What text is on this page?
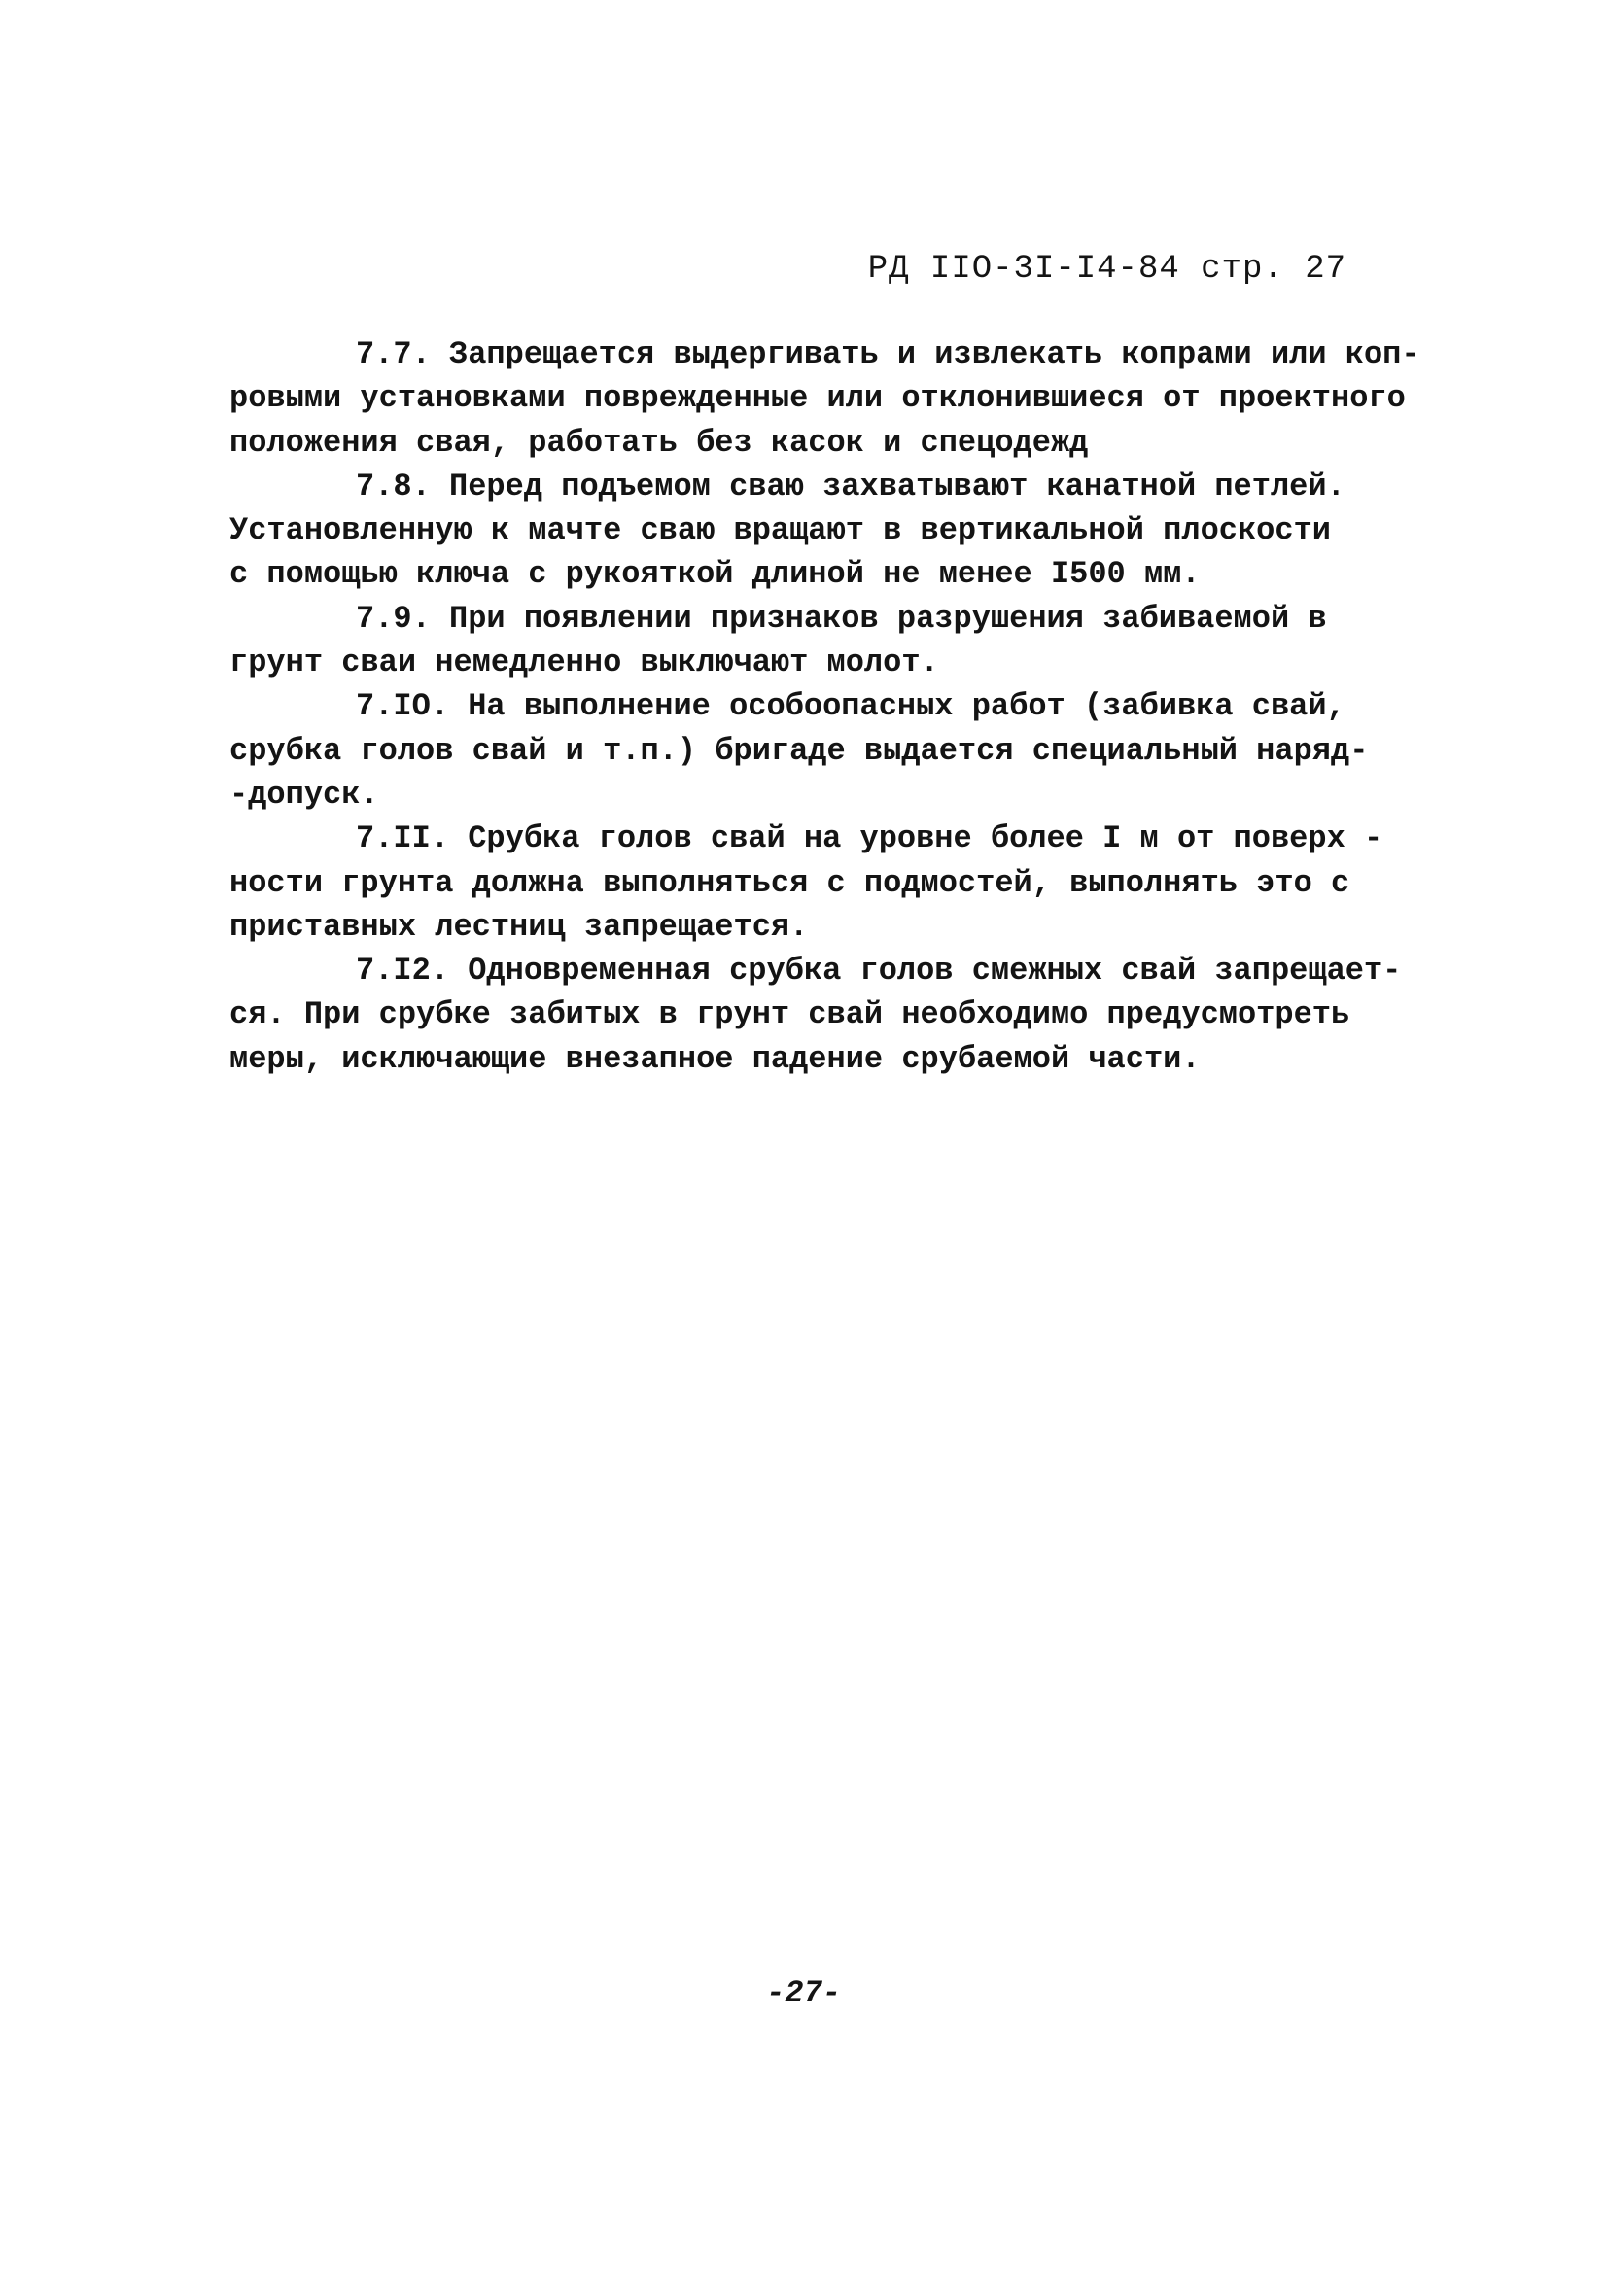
РД IIO-3I-I4-84 стр. 27

7.7. Запрещается выдергивать и извлекать копрами или коп-
ровыми установками поврежденные или отклонившиеся от проектного
положения свая, работать без касок и спецодежд

7.8. Перед подъемом сваю захватывают канатной петлей.
Установленную к мачте сваю вращают в вертикальной плоскости
с помощью ключа с рукояткой длиной не менее I500 мм.

7.9. При появлении признаков разрушения забиваемой в
грунт сваи немедленно выключают молот.

7.IO. На выполнение особоопасных работ (забивка свай,
срубка голов свай и т.п.) бригаде выдается специальный наряд-
-допуск.

7.II. Срубка голов свай на уровне более I м от поверх -
ности грунта должна выполняться с подмостей, выполнять это с
приставных лестниц запрещается.

7.I2. Одновременная срубка голов смежных свай запрещает-
ся. При срубке забитых в грунт свай необходимо предусмотреть
меры, исключающие внезапное падение срубаемой части.

-27-
